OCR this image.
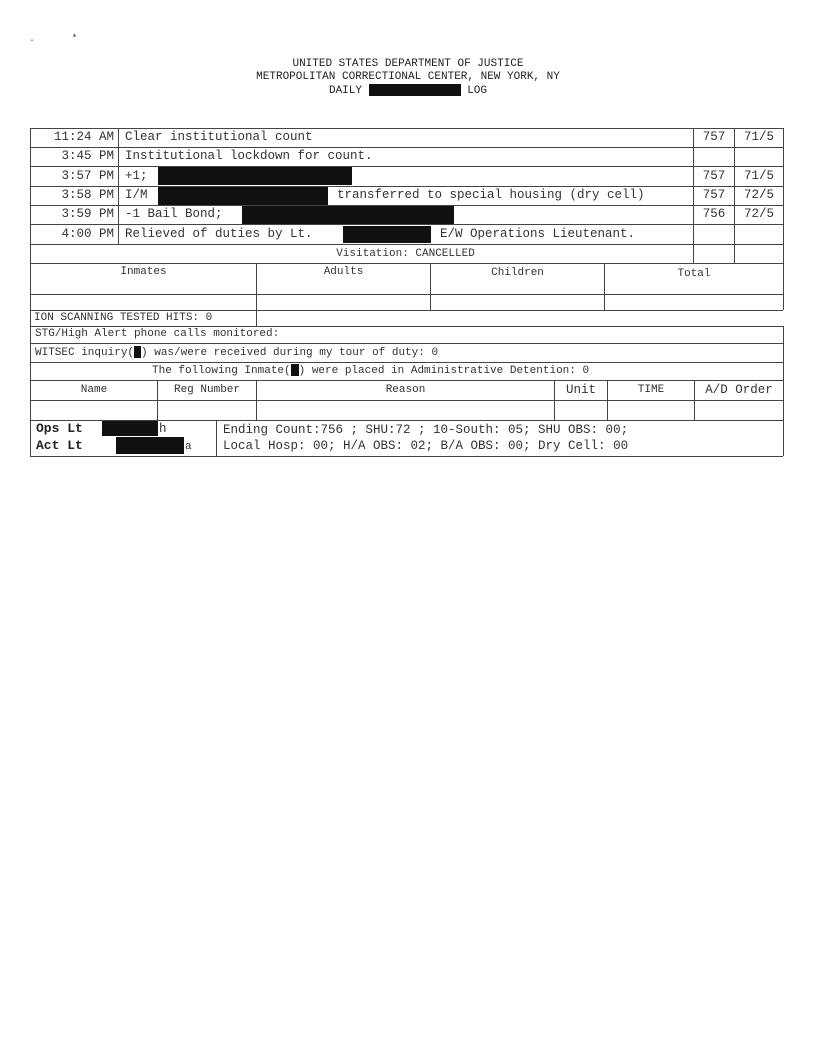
.	▴
UNITED STATES DEPARTMENT OF JUSTICE
METROPOLITAN CORRECTIONAL CENTER, NEW YORK, NY
DAILY	LOG
11:24 AM Clear institutional count	757	71/5
3:45 PM Institutional lockdown for count.
3:57 PM +1;	757	71/5
3:58 PM I/M	transferred to special housing (dry cell)	757	72/5
3:59 PM -1 Bail Bond;	756	72/5
4:00 PM Relieved of duties by Lt.	E/W Operations Lieutenant.
Visitation: CANCELLED
Inmates	Adults	Children	Total
ION SCANNING TESTED HITS: 0
STG/High Alert phone calls monitored:
WITSEC inquiry( ) was/were received during my tour of duty: 0
The following Inmate( ) were placed in Administrative Detention: 0
Name	Reg Number	Reason	Unit	TIME	A/D Order
Ops Lt	h
Act Lt	a
Ending Count:756 ; SHU:72 ; 10-South: 05; SHU OBS: 00;
Local Hosp: 00; H/A OBS: 02; B/A OBS: 00; Dry Cell: 00
